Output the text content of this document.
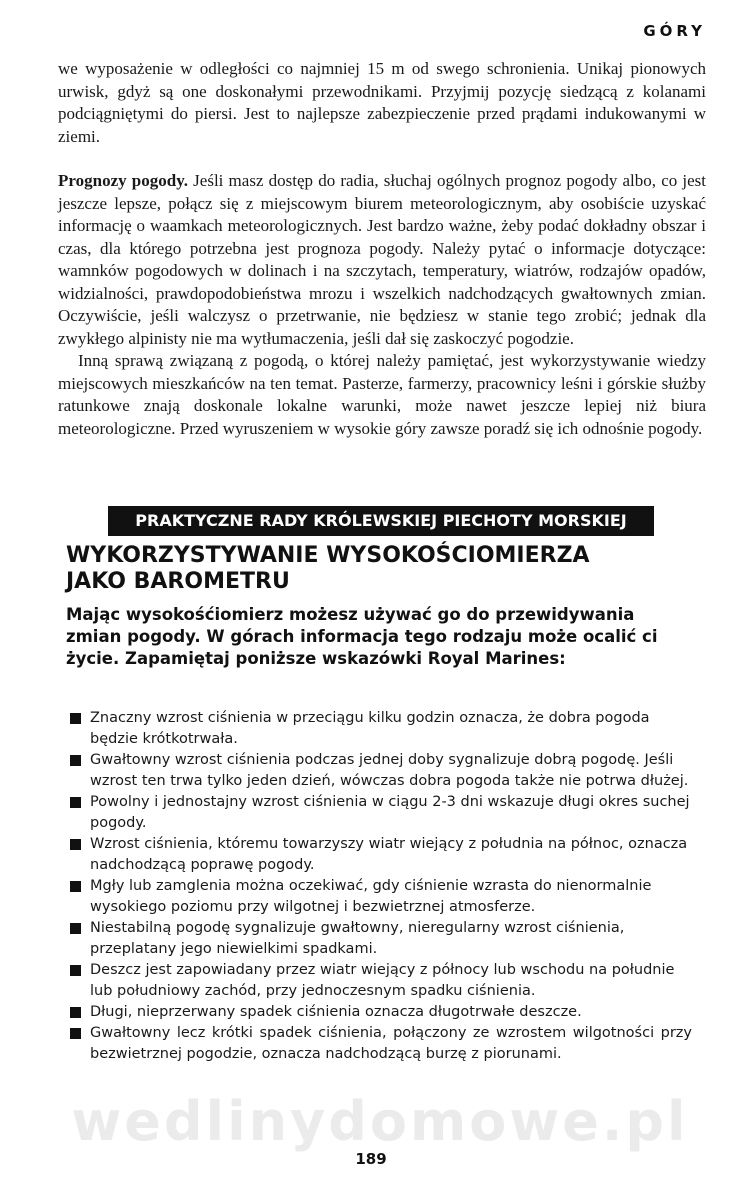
GÓRY

we wyposażenie w odległości co najmniej 15 m od swego schronienia. Unikaj pionowych urwisk, gdyż są one doskonałymi przewodnikami. Przyjmij pozycję siedzącą z kolanami podciągniętymi do piersi. Jest to najlepsze zabezpieczenie przed prądami indukowanymi w ziemi.

Prognozy pogody. Jeśli masz dostęp do radia, słuchaj ogólnych prognoz pogody albo, co jest jeszcze lepsze, połącz się z miejscowym biurem meteorologicznym, aby osobiście uzyskać informację o waamkach meteorologicznych. Jest bardzo ważne, żeby podać dokładny obszar i czas, dla którego potrzebna jest prognoza pogody. Należy pytać o informacje dotyczące: wamnków pogodowych w dolinach i na szczytach, temperatury, wiatrów, rodzajów opadów, widzialności, prawdopodobieństwa mrozu i wszelkich nadchodzących gwałtownych zmian. Oczywiście, jeśli walczysz o przetrwanie, nie będziesz w stanie tego zrobić; jednak dla zwykłego alpinisty nie ma wytłumaczenia, jeśli dał się zaskoczyć pogodzie.

Inną sprawą związaną z pogodą, o której należy pamiętać, jest wykorzystywanie wiedzy miejscowych mieszkańców na ten temat. Pasterze, farmerzy, pracownicy leśni i górskie służby ratunkowe znają doskonale lokalne warunki, może nawet jeszcze lepiej niż biura meteorologiczne. Przed wyruszeniem w wysokie góry zawsze poradź się ich odnośnie pogody.

PRAKTYCZNE RADY KRÓLEWSKIEJ PIECHOTY MORSKIEJ
WYKORZYSTYWANIE WYSOKOŚCIOMIERZA
JAKO BAROMETRU

Mając wysokośćiomierz możesz używać go do przewidywania zmian pogody. W górach informacja tego rodzaju może ocalić ci życie. Zapamiętaj poniższe wskazówki Royal Marines:

Znaczny wzrost ciśnienia w przeciągu kilku godzin oznacza, że dobra pogoda będzie krótkotrwała.
Gwałtowny wzrost ciśnienia podczas jednej doby sygnalizuje dobrą pogodę. Jeśli wzrost ten trwa tylko jeden dzień, wówczas dobra pogoda także nie potrwa dłużej.
Powolny i jednostajny wzrost ciśnienia w ciągu 2-3 dni wskazuje długi okres suchej pogody.
Wzrost ciśnienia, któremu towarzyszy wiatr wiejący z południa na północ, oznacza nadchodzącą poprawę pogody.
Mgły lub zamglenia można oczekiwać, gdy ciśnienie wzrasta do nienormalnie wysokiego poziomu przy wilgotnej i bezwietrznej atmosferze.
Niestabilną pogodę sygnalizuje gwałtowny, nieregularny wzrost ciśnienia, przeplatany jego niewielkimi spadkami.
Deszcz jest zapowiadany przez wiatr wiejący z północy lub wschodu na południe lub południowy zachód, przy jednoczesnym spadku ciśnienia.
Długi, nieprzerwany spadek ciśnienia oznacza długotrwałe deszcze.
Gwałtowny lecz krótki spadek ciśnienia, połączony ze wzrostem wilgotności przy bezwietrznej pogodzie, oznacza nadchodzącą burzę z piorunami.
wedlinydomowe.pl
189
